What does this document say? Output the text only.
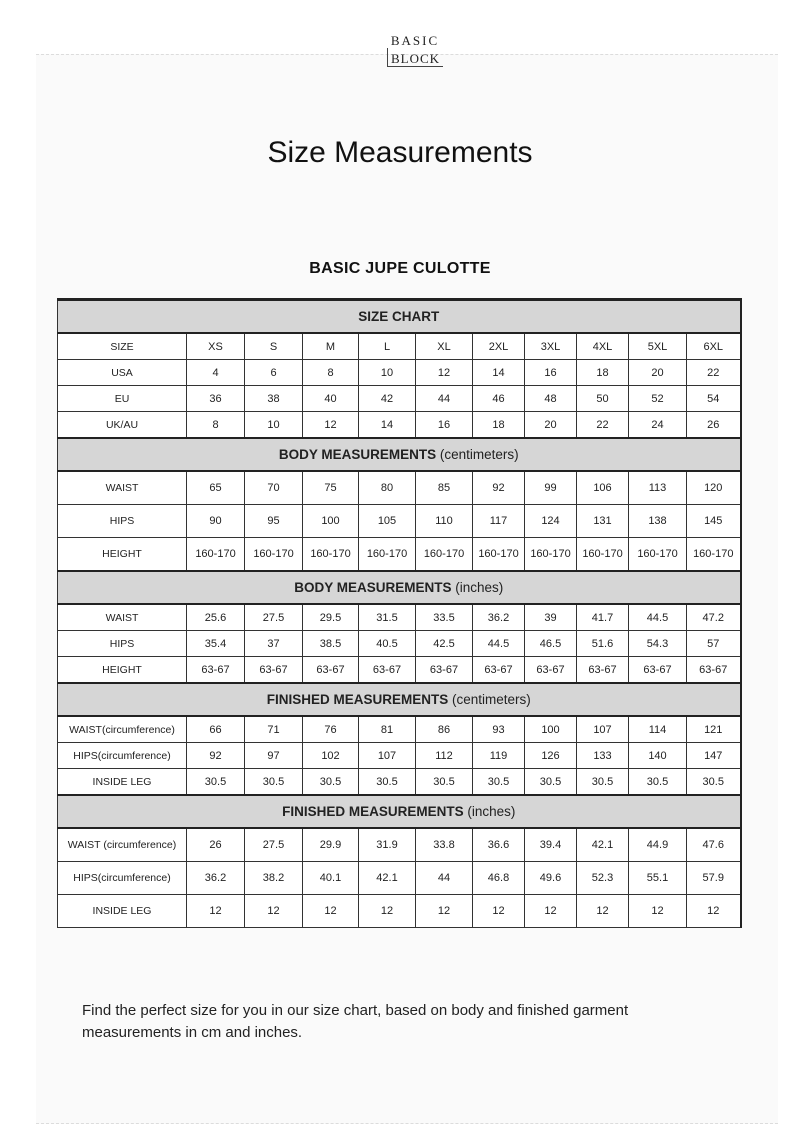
BASIC
BLOCK
Size Measurements
BASIC JUPE CULOTTE
SIZE CHART										
SIZE	XS	S	M	L	XL	2XL	3XL	4XL	5XL	6XL
USA	4	6	8	10	12	14	16	18	20	22
EU	36	38	40	42	44	46	48	50	52	54
UK/AU	8	10	12	14	16	18	20	22	24	26
BODY MEASUREMENTS (centimeters)										
WAIST	65	70	75	80	85	92	99	106	113	120
HIPS	90	95	100	105	110	117	124	131	138	145
HEIGHT	160-170	160-170	160-170	160-170	160-170	160-170	160-170	160-170	160-170	160-170
BODY MEASUREMENTS (inches)										
WAIST	25.6	27.5	29.5	31.5	33.5	36.2	39	41.7	44.5	47.2
HIPS	35.4	37	38.5	40.5	42.5	44.5	46.5	51.6	54.3	57
HEIGHT	63-67	63-67	63-67	63-67	63-67	63-67	63-67	63-67	63-67	63-67
FINISHED MEASUREMENTS (centimeters)										
WAIST(circumference)	66	71	76	81	86	93	100	107	114	121
HIPS(circumference)	92	97	102	107	112	119	126	133	140	147
INSIDE LEG	30.5	30.5	30.5	30.5	30.5	30.5	30.5	30.5	30.5	30.5
FINISHED MEASUREMENTS (inches)										
WAIST (circumference)	26	27.5	29.9	31.9	33.8	36.6	39.4	42.1	44.9	47.6
HIPS(circumference)	36.2	38.2	40.1	42.1	44	46.8	49.6	52.3	55.1	57.9
INSIDE LEG	12	12	12	12	12	12	12	12	12	12
Find the perfect size for you in our size chart, based on body and finished garment measurements in cm and inches.
